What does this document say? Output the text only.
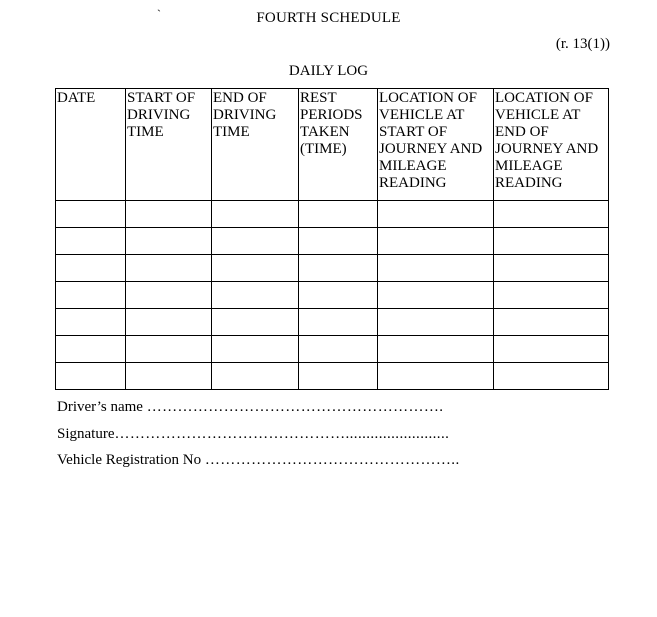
`	FOURTH SCHEDULE
(r. 13(1))
DAILY LOG
DATE	START OF DRIVING TIME	END OF DRIVING TIME	REST PERIODS TAKEN (TIME)	LOCATION OF VEHICLE AT START OF JOURNEY AND MILEAGE READING	LOCATION OF VEHICLE AT END OF JOURNEY AND MILEAGE READING

Driver’s name ………………………………………………….
Signature……………………………………….........................
Vehicle Registration No …………………………………………..
